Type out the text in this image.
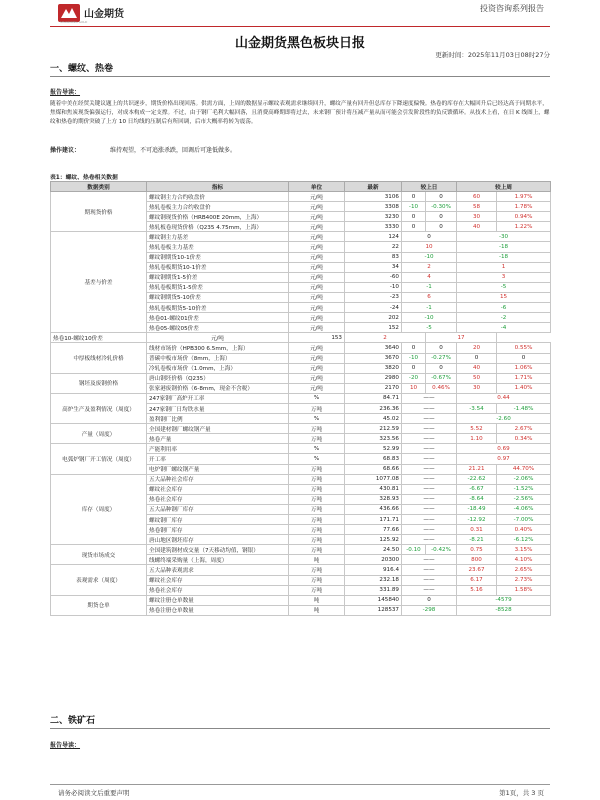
山金期货
SHANDONG GOLD
投资咨询系列报告
山金期货黑色板块日报
更新时间：2025年11月03日08时27分
一、螺纹、热卷
报告导读：
随着中美在经贸关键议题上的共识逐步，期货价格出现回落。供需方面，上周的数据显示螺纹表观需求继续回升，螺纹产量有回升但总库存下降速度偏慢。热卷的库存在大幅回升后已经达高于同期水平，焦煤和焦炭现货偏强运行，对成本构成一定支撑。不过，由于钢厂毛利大幅回落，且消费高峰期即将过去，未来钢厂预计将压减产量从而可能会引发阶段性的负反馈循环。从技术上看，在日 K 线图上，螺纹和热卷的期价突破了上方 10 日均线的压制后有所回调，后市大概率将转为震荡。
操作建议：	维持观望，不可追涨杀跌，回调后可逢低做多。
表1：螺纹、热卷相关数据
数据类别	指标	单位	最新	较上日		较上周	
期现货价格	螺纹钢主力合约收盘价	元/吨	3106	0	0	60	1.97%
	热轧卷板主力合约收盘价	元/吨	3308	-10	-0.30%	58	1.78%
	螺纹钢现货价格（HRB400E 20mm，上海）	元/吨	3230	0	0	30	0.94%
	热轧板卷现货价格（Q235 4.75mm，上海）	元/吨	3330	0	0	40	1.22%
基差与价差	螺纹钢主力基差	元/吨	124	0		-30	
	热轧卷板主力基差	元/吨	22	10		-18	
	螺纹钢期货10-1价差	元/吨	83	-10		-18	
	热轧卷板期货10-1价差	元/吨	34	2		1	
	螺纹钢期货1-5价差	元/吨	-60	4		3	
	热轧卷板期货1-5价差	元/吨	-10	-1		-5	
	螺纹钢期货5-10价差	元/吨	-23	6		15	
	热轧卷板期货5-10价差	元/吨	-24	-1		-6	
	热卷01-螺纹01价差	元/吨	202	-10		-2	
	热卷05-螺纹05价差	元/吨	152	-5		-4	
热卷10-螺纹10价差	元/吨	153	2		17		
中厚板线材冷轧价格	线材市场价（HPB300 6.5mm，上海）	元/吨	3640	0	0	20	0.55%
	普碳中板市场价（8mm，上海）	元/吨	3670	-10	-0.27%	0	0
	冷轧卷板市场价（1.0mm，上海）	元/吨	3820	0	0	40	1.06%
钢坯及废钢价格	唐山钢坯价格（Q235）	元/吨	2980	-20	-0.67%	50	1.71%
	张家港废钢价格（6-8mm，现金不含税）	元/吨	2170	10	0.46%	30	1.40%
高炉生产及盈利情况（周度）	247家钢厂高炉开工率	%	84.71	——		0.44	
	247家钢厂日均铁水量	万吨	236.36	——		-3.54	-1.48%
	盈利钢厂比例	%	45.02	——		-2.60	
产量（周度）	全国建材钢厂螺纹钢产量	万吨	212.59	——		5.52	2.67%
	热卷产量	万吨	323.56	——		1.10	0.34%
电弧炉钢厂开工情况（周度）	产能利用率	%	52.99	——		0.69	
	开工率	%	68.83	——		0.97	
	电炉钢厂螺纹钢产量	万吨	68.66	——		21.21	44.70%
库存（周度）	五大品种社会库存	万吨	1077.08	——		-22.62	-2.06%
	螺纹社会库存	万吨	430.81	——		-6.67	-1.52%
	热卷社会库存	万吨	328.93	——		-8.64	-2.56%
	五大品种钢厂库存	万吨	436.66	——		-18.49	-4.06%
	螺纹钢厂库存	万吨	171.71	——		-12.92	-7.00%
	热卷钢厂库存	万吨	77.66	——		0.31	0.40%
	唐山地区钢坯库存	万吨	125.92	——		-8.21	-6.12%
现货市场成交	全国建筑钢材成交量（7天移动均值，钢银）	万吨	24.50	-0.10	-0.42%	0.75	3.15%
	线螺终端采购量（上海，周度）	吨	20300	——		800	4.10%
表观需求（周度）	五大品种表观需求	万吨	916.4	——		23.67	2.65%
	螺纹社会库存	万吨	232.18	——		6.17	2.73%
	热卷社会库存	万吨	331.89	——		5.16	1.58%
期货仓单	螺纹注册仓单数量	吨	145840	0		-4579	
	热卷注册仓单数量	吨	128537	-298		-8528	
二、铁矿石
报告导读：
请务必阅读文后重要声明	第1页，共 3 页
